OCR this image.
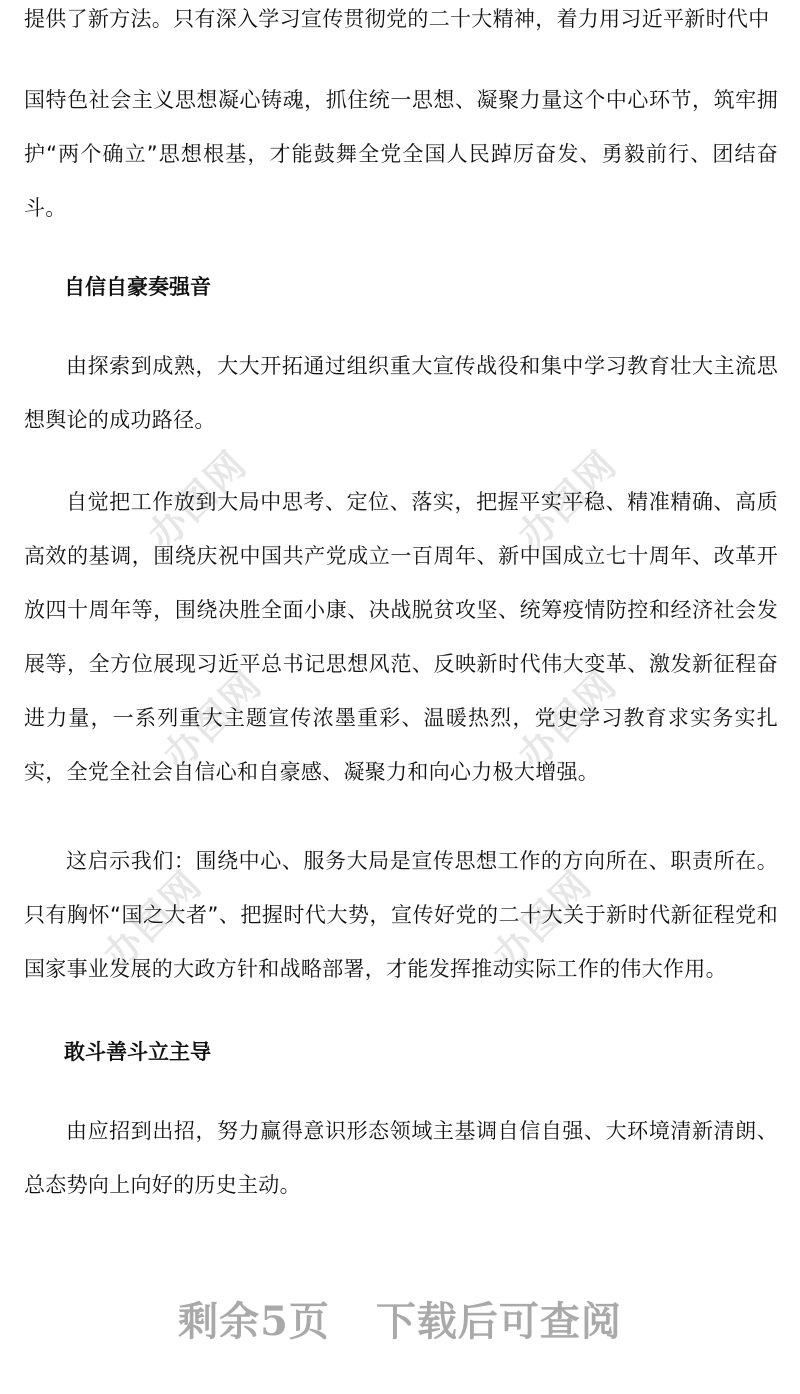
办图网	办图网
办图网	办图网
办图网	办图网

提供了新方法。只有深入学习宣传贯彻党的二十大精神，着力用习近平新时代中

国特色社会主义思想凝心铸魂，抓住统一思想、凝聚力量这个中心环节，筑牢拥护“两个确立”思想根基，才能鼓舞全党全国人民踔厉奋发、勇毅前行、团结奋斗。

自信自豪奏强音

由探索到成熟，大大开拓通过组织重大宣传战役和集中学习教育壮大主流思想舆论的成功路径。

自觉把工作放到大局中思考、定位、落实，把握平实平稳、精准精确、高质高效的基调，围绕庆祝中国共产党成立一百周年、新中国成立七十周年、改革开放四十周年等，围绕决胜全面小康、决战脱贫攻坚、统筹疫情防控和经济社会发展等，全方位展现习近平总书记思想风范、反映新时代伟大变革、激发新征程奋进力量，一系列重大主题宣传浓墨重彩、温暖热烈，党史学习教育求实务实扎实，全党全社会自信心和自豪感、凝聚力和向心力极大增强。

这启示我们：围绕中心、服务大局是宣传思想工作的方向所在、职责所在。只有胸怀“国之大者”、把握时代大势，宣传好党的二十大关于新时代新征程党和国家事业发展的大政方针和战略部署，才能发挥推动实际工作的伟大作用。

敢斗善斗立主导

由应招到出招，努力赢得意识形态领域主基调自信自强、大环境清新清朗、总态势向上向好的历史主动。

剩余5页 下载后可查阅
